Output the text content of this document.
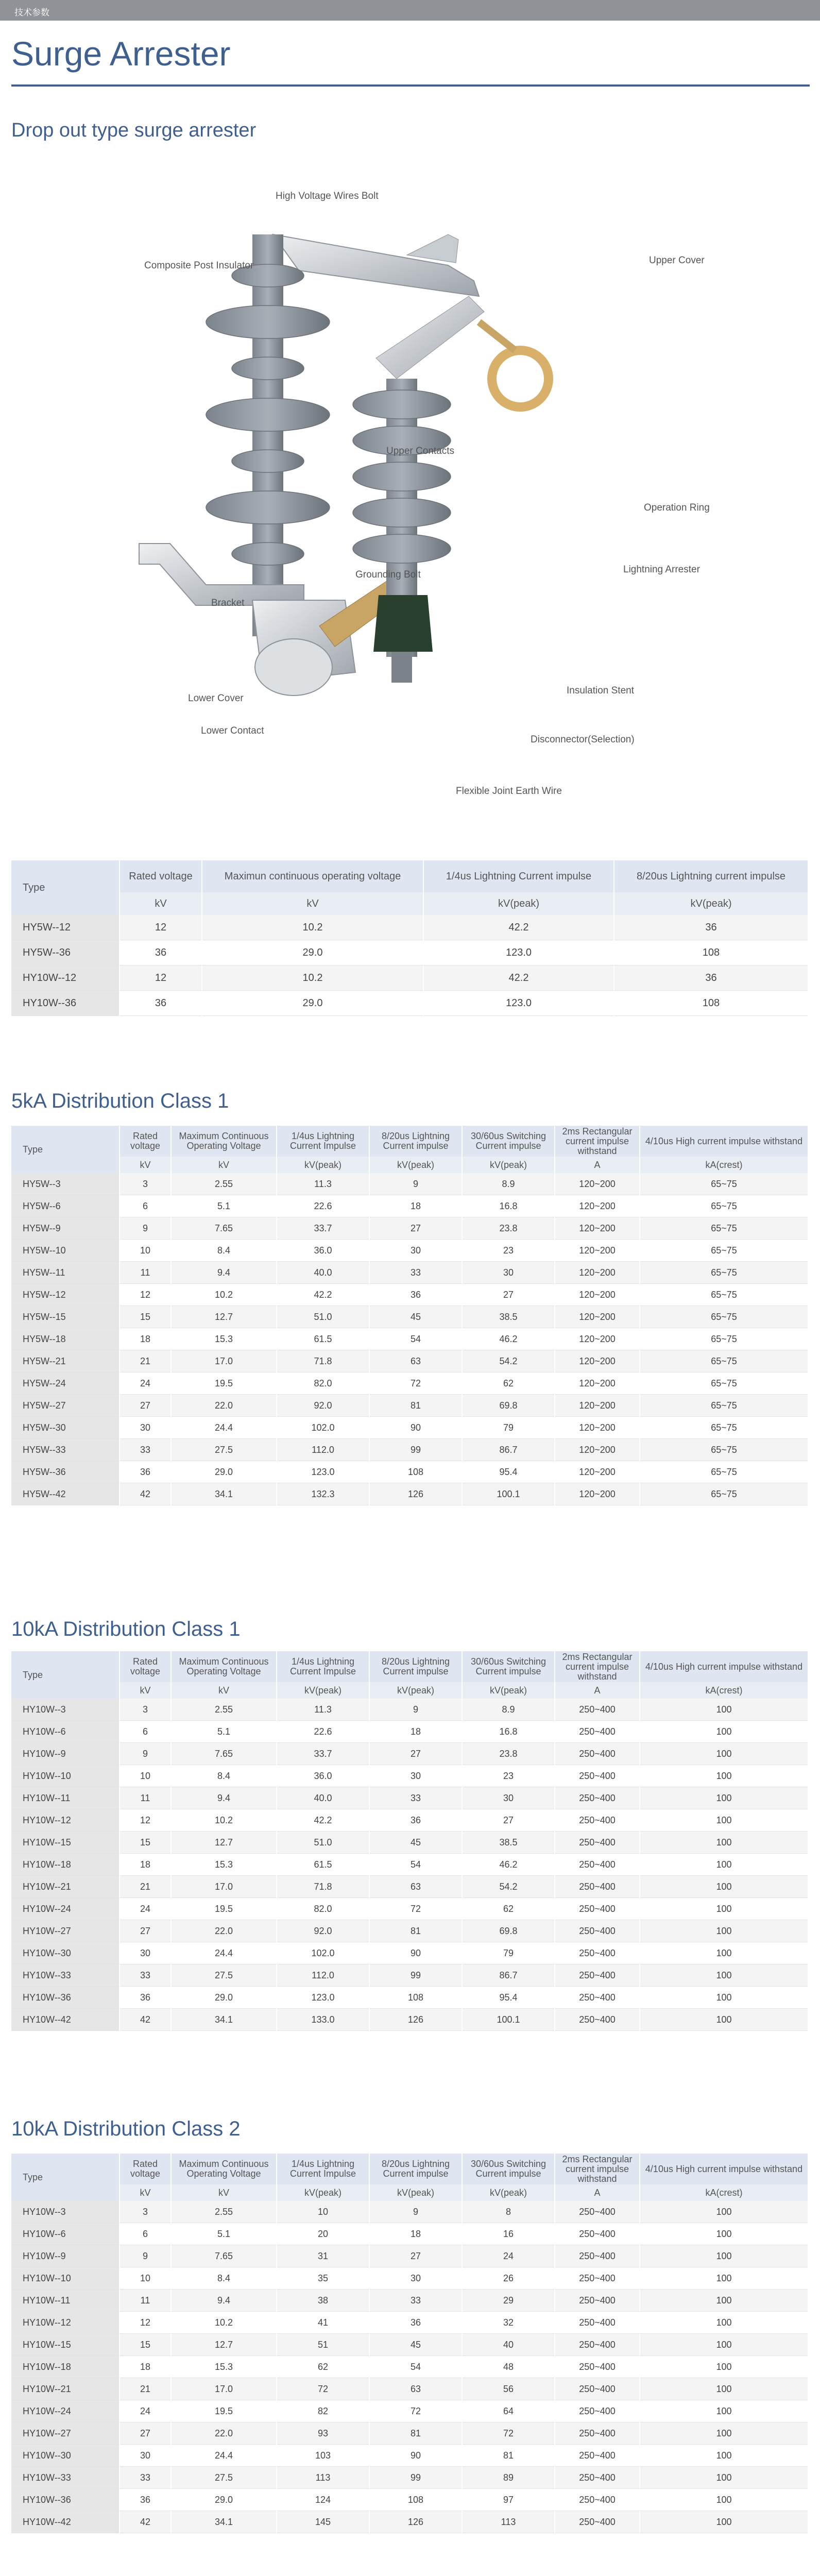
技术参数
Surge Arrester
Drop out type surge arrester
High Voltage Wires Bolt
Upper Cover
Composite Post Insulator
Upper Contacts
Operation Ring
Lightning Arrester
Grounding Bolt
Bracket
Insulation Stent
Lower Cover
Lower Contact
Disconnector(Selection)
Flexible Joint Earth Wire
Type	Rated voltage	Maximun continuous operating voltage	1/4us Lightning Current impulse	8/20us Lightning current impulse
	kV	kV	kV(peak)	kV(peak)
HY5W--12	12	10.2	42.2	36
HY5W--36	36	29.0	123.0	108
HY10W--12	12	10.2	42.2	36
HY10W--36	36	29.0	123.0	108
5kA Distribution Class 1
Type	Rated voltage	Maximum Continuous Operating Voltage	1/4us Lightning Current Impulse	8/20us Lightning Current impulse	30/60us Switching Current impulse	2ms Rectangular current impulse withstand	4/10us High current impulse withstand
	kV	kV	kV(peak)	kV(peak)	kV(peak)	A	kA(crest)
HY5W--3	3	2.55	11.3	9	8.9	120~200	65~75
HY5W--6	6	5.1	22.6	18	16.8	120~200	65~75
HY5W--9	9	7.65	33.7	27	23.8	120~200	65~75
HY5W--10	10	8.4	36.0	30	23	120~200	65~75
HY5W--11	11	9.4	40.0	33	30	120~200	65~75
HY5W--12	12	10.2	42.2	36	27	120~200	65~75
HY5W--15	15	12.7	51.0	45	38.5	120~200	65~75
HY5W--18	18	15.3	61.5	54	46.2	120~200	65~75
HY5W--21	21	17.0	71.8	63	54.2	120~200	65~75
HY5W--24	24	19.5	82.0	72	62	120~200	65~75
HY5W--27	27	22.0	92.0	81	69.8	120~200	65~75
HY5W--30	30	24.4	102.0	90	79	120~200	65~75
HY5W--33	33	27.5	112.0	99	86.7	120~200	65~75
HY5W--36	36	29.0	123.0	108	95.4	120~200	65~75
HY5W--42	42	34.1	132.3	126	100.1	120~200	65~75
10kA Distribution Class 1
Type	Rated voltage	Maximum Continuous Operating Voltage	1/4us Lightning Current Impulse	8/20us Lightning Current impulse	30/60us Switching Current impulse	2ms Rectangular current impulse withstand	4/10us High current impulse withstand
	kV	kV	kV(peak)	kV(peak)	kV(peak)	A	kA(crest)
HY10W--3	3	2.55	11.3	9	8.9	250~400	100
HY10W--6	6	5.1	22.6	18	16.8	250~400	100
HY10W--9	9	7.65	33.7	27	23.8	250~400	100
HY10W--10	10	8.4	36.0	30	23	250~400	100
HY10W--11	11	9.4	40.0	33	30	250~400	100
HY10W--12	12	10.2	42.2	36	27	250~400	100
HY10W--15	15	12.7	51.0	45	38.5	250~400	100
HY10W--18	18	15.3	61.5	54	46.2	250~400	100
HY10W--21	21	17.0	71.8	63	54.2	250~400	100
HY10W--24	24	19.5	82.0	72	62	250~400	100
HY10W--27	27	22.0	92.0	81	69.8	250~400	100
HY10W--30	30	24.4	102.0	90	79	250~400	100
HY10W--33	33	27.5	112.0	99	86.7	250~400	100
HY10W--36	36	29.0	123.0	108	95.4	250~400	100
HY10W--42	42	34.1	133.0	126	100.1	250~400	100
10kA Distribution Class 2
Type	Rated voltage	Maximum Continuous Operating Voltage	1/4us Lightning Current Impulse	8/20us Lightning Current impulse	30/60us Switching Current impulse	2ms Rectangular current impulse withstand	4/10us High current impulse withstand
	kV	kV	kV(peak)	kV(peak)	kV(peak)	A	kA(crest)
HY10W--3	3	2.55	10	9	8	250~400	100
HY10W--6	6	5.1	20	18	16	250~400	100
HY10W--9	9	7.65	31	27	24	250~400	100
HY10W--10	10	8.4	35	30	26	250~400	100
HY10W--11	11	9.4	38	33	29	250~400	100
HY10W--12	12	10.2	41	36	32	250~400	100
HY10W--15	15	12.7	51	45	40	250~400	100
HY10W--18	18	15.3	62	54	48	250~400	100
HY10W--21	21	17.0	72	63	56	250~400	100
HY10W--24	24	19.5	82	72	64	250~400	100
HY10W--27	27	22.0	93	81	72	250~400	100
HY10W--30	30	24.4	103	90	81	250~400	100
HY10W--33	33	27.5	113	99	89	250~400	100
HY10W--36	36	29.0	124	108	97	250~400	100
HY10W--42	42	34.1	145	126	113	250~400	100
